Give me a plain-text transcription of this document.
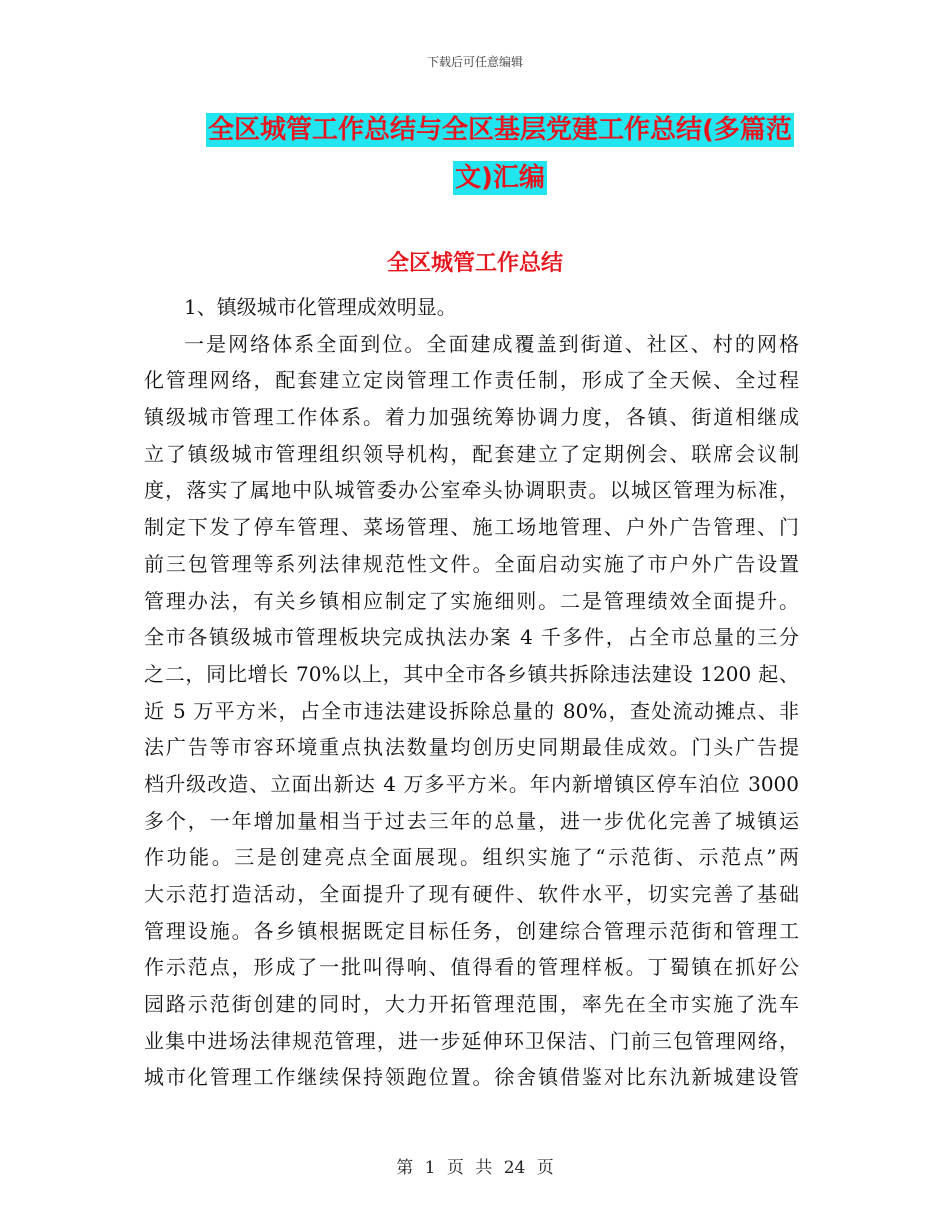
下载后可任意编辑
全区城管工作总结与全区基层党建工作总结(多篇范
文)汇编
全区城管工作总结
1、镇级城市化管理成效明显。
一是网络体系全面到位。全面建成覆盖到街道、社区、村的网格
化管理网络，配套建立定岗管理工作责任制，形成了全天候、全过程
镇级城市管理工作体系。着力加强统筹协调力度，各镇、街道相继成
立了镇级城市管理组织领导机构，配套建立了定期例会、联席会议制
度，落实了属地中队城管委办公室牵头协调职责。以城区管理为标准，
制定下发了停车管理、菜场管理、施工场地管理、户外广告管理、门
前三包管理等系列法律规范性文件。全面启动实施了市户外广告设置
管理办法，有关乡镇相应制定了实施细则。二是管理绩效全面提升。
全市各镇级城市管理板块完成执法办案 4 千多件，占全市总量的三分
之二，同比增长 70%以上，其中全市各乡镇共拆除违法建设 1200 起、
近 5 万平方米，占全市违法建设拆除总量的 80%，查处流动摊点、非
法广告等市容环境重点执法数量均创历史同期最佳成效。门头广告提
档升级改造、立面出新达 4 万多平方米。年内新增镇区停车泊位 3000
多个，一年增加量相当于过去三年的总量，进一步优化完善了城镇运
作功能。三是创建亮点全面展现。组织实施了“示范街、示范点”两
大示范打造活动，全面提升了现有硬件、软件水平，切实完善了基础
管理设施。各乡镇根据既定目标任务，创建综合管理示范街和管理工
作示范点，形成了一批叫得响、值得看的管理样板。丁蜀镇在抓好公
园路示范街创建的同时，大力开拓管理范围，率先在全市实施了洗车
业集中进场法律规范管理，进一步延伸环卫保洁、门前三包管理网络，
城市化管理工作继续保持领跑位置。徐舍镇借鉴对比东氿新城建设管
第 1 页 共 24 页
